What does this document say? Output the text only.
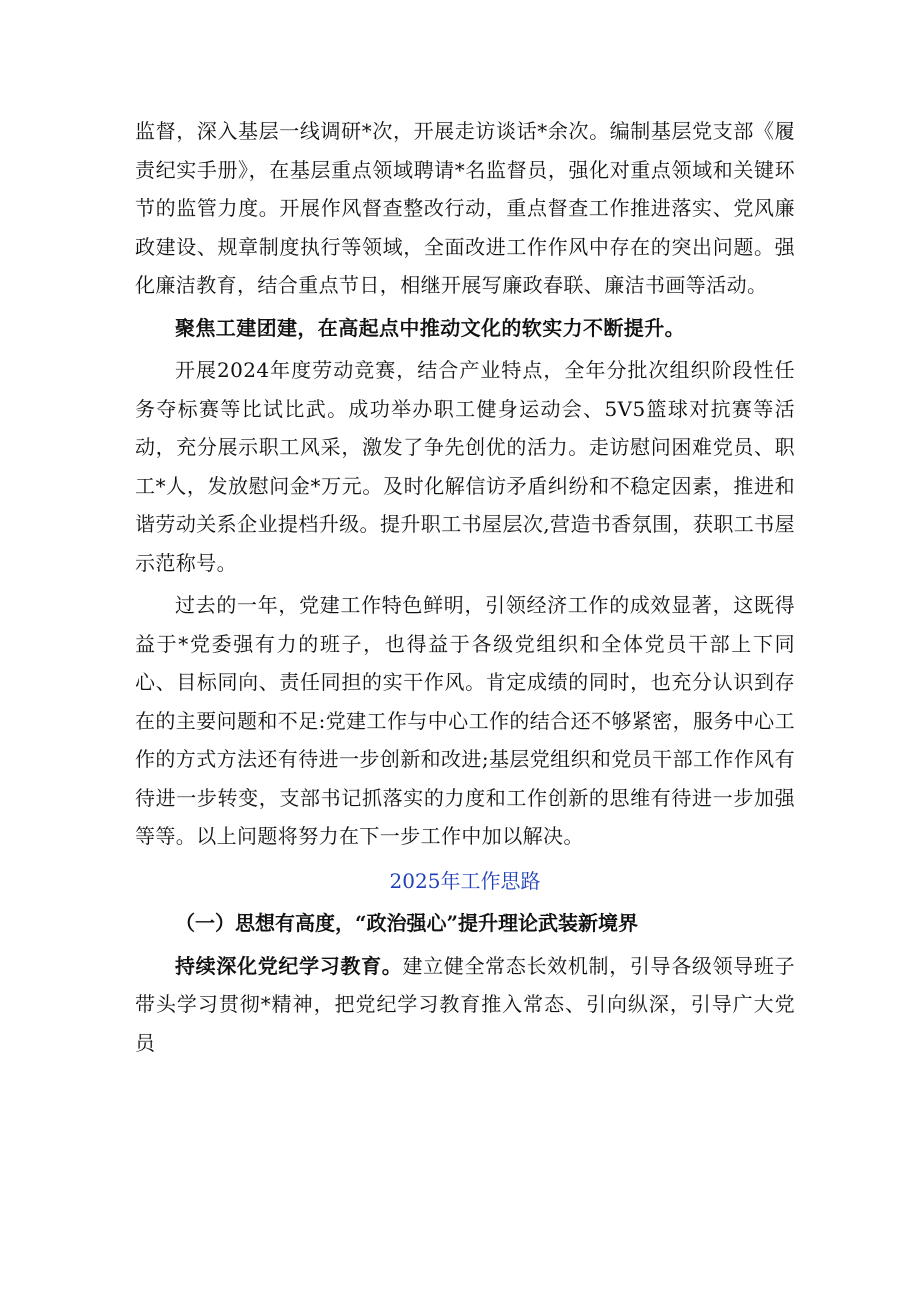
监督，深入基层一线调研*次，开展走访谈话*余次。编制基层党支部《履责纪实手册》，在基层重点领域聘请*名监督员，强化对重点领域和关键环节的监管力度。开展作风督查整改行动，重点督查工作推进落实、党风廉政建设、规章制度执行等领域，全面改进工作作风中存在的突出问题。强化廉洁教育，结合重点节日，相继开展写廉政春联、廉洁书画等活动。

聚焦工建团建，在高起点中推动文化的软实力不断提升。

开展2024年度劳动竞赛，结合产业特点，全年分批次组织阶段性任务夺标赛等比试比武。成功举办职工健身运动会、5V5篮球对抗赛等活动，充分展示职工风采，激发了争先创优的活力。走访慰问困难党员、职工*人，发放慰问金*万元。及时化解信访矛盾纠纷和不稳定因素，推进和谐劳动关系企业提档升级。提升职工书屋层次,营造书香氛围，获职工书屋示范称号。

过去的一年，党建工作特色鲜明，引领经济工作的成效显著，这既得益于*党委强有力的班子，也得益于各级党组织和全体党员干部上下同心、目标同向、责任同担的实干作风。肯定成绩的同时，也充分认识到存在的主要问题和不足:党建工作与中心工作的结合还不够紧密，服务中心工作的方式方法还有待进一步创新和改进;基层党组织和党员干部工作作风有待进一步转变，支部书记抓落实的力度和工作创新的思维有待进一步加强等等。以上问题将努力在下一步工作中加以解决。

2025年工作思路

（一）思想有高度，“政治强心”提升理论武装新境界

持续深化党纪学习教育。建立健全常态长效机制，引导各级领导班子带头学习贯彻*精神，把党纪学习教育推入常态、引向纵深，引导广大党员
